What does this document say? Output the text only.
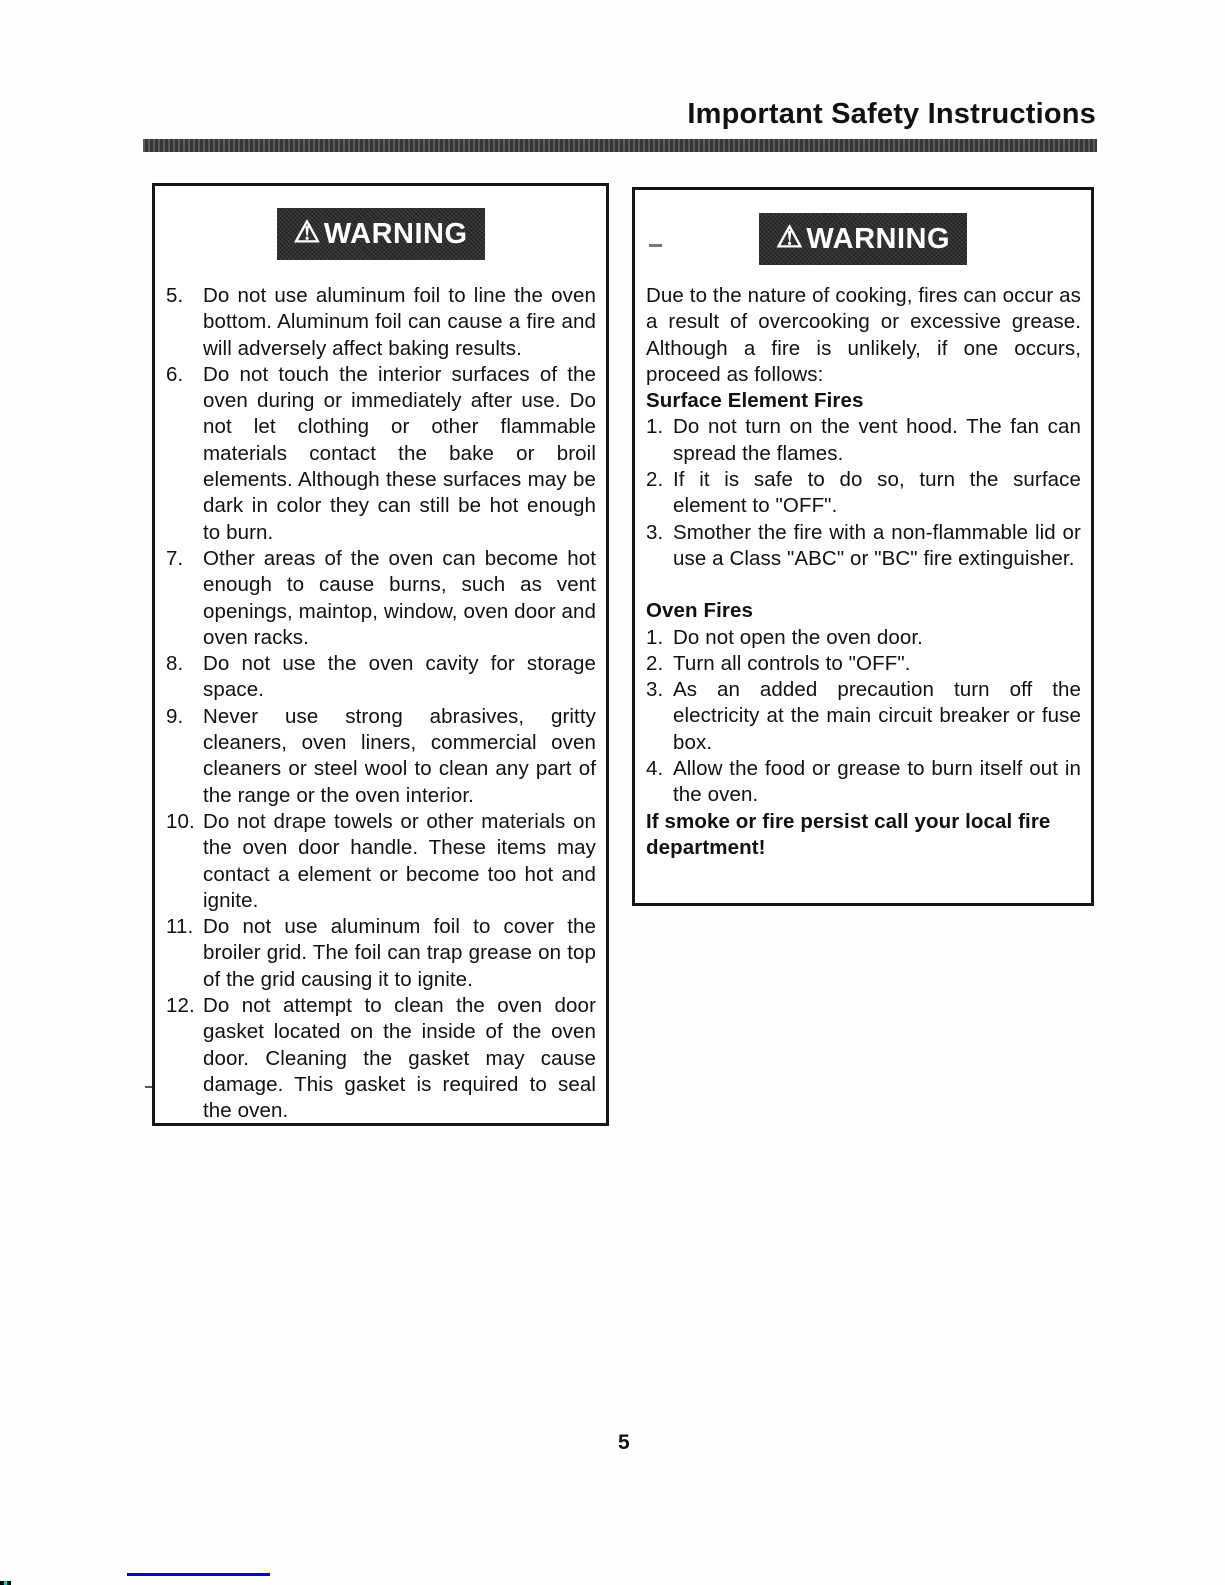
Important Safety Instructions
⚠ WARNING
5. Do not use aluminum foil to line the oven bottom. Aluminum foil can cause a fire and will adversely affect baking results.
6. Do not touch the interior surfaces of the oven during or immediately after use. Do not let clothing or other flammable materials contact the bake or broil elements. Although these surfaces may be dark in color they can still be hot enough to burn.
7. Other areas of the oven can become hot enough to cause burns, such as vent openings, maintop, window, oven door and oven racks.
8. Do not use the oven cavity for storage space.
9. Never use strong abrasives, gritty cleaners, oven liners, commercial oven cleaners or steel wool to clean any part of the range or the oven interior.
10. Do not drape towels or other materials on the oven door handle. These items may contact a element or become too hot and ignite.
11. Do not use aluminum foil to cover the broiler grid. The foil can trap grease on top of the grid causing it to ignite.
12. Do not attempt to clean the oven door gasket located on the inside of the oven door. Cleaning the gasket may cause damage. This gasket is required to seal the oven.
⚠ WARNING

Due to the nature of cooking, fires can occur as a result of overcooking or excessive grease. Although a fire is unlikely, if one occurs, proceed as follows:

Surface Element Fires

1. Do not turn on the vent hood. The fan can spread the flames.
2. If it is safe to do so, turn the surface element to "OFF".
3. Smother the fire with a non-flammable lid or use a Class "ABC" or "BC" fire extinguisher.

Oven Fires

1. Do not open the oven door.
2. Turn all controls to "OFF".
3. As an added precaution turn off the electricity at the main circuit breaker or fuse box.
4. Allow the food or grease to burn itself out in the oven.

If smoke or fire persist call your local fire department!

5
